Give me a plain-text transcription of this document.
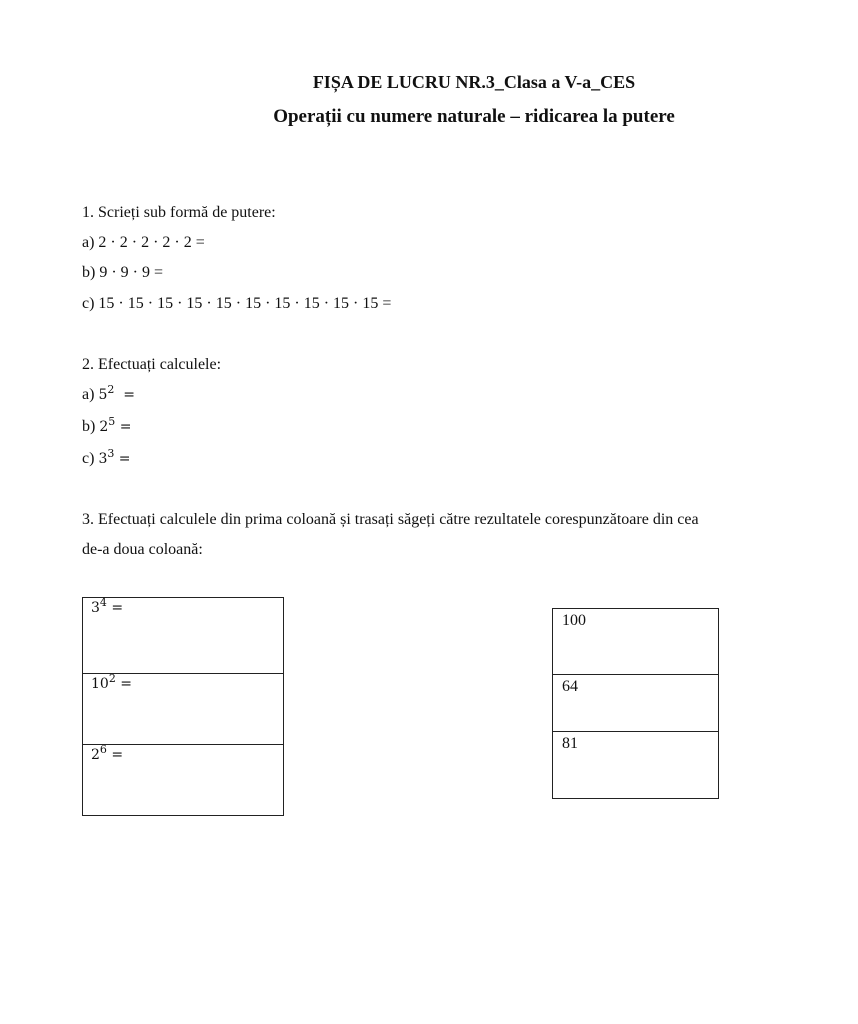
FIȘA DE LUCRU NR.3_Clasa a V-a_CES
Operații cu numere naturale – ridicarea la putere
1. Scrieți sub formă de putere:
a) 2 · 2 · 2 · 2 · 2 =
b) 9 · 9 · 9 =
c) 15 · 15 · 15 · 15 · 15 · 15 · 15 · 15 · 15 · 15 =
2. Efectuați calculele:
a) $5^2$  =
b) $2^5$ =
c) $3^3$ =
3. Efectuați calculele din prima coloană și trasați săgeți către rezultatele corespunzătoare din cea
de-a doua coloană:
$3^4$ =
$10^2$ =
$2^6$ =
100
64
81
